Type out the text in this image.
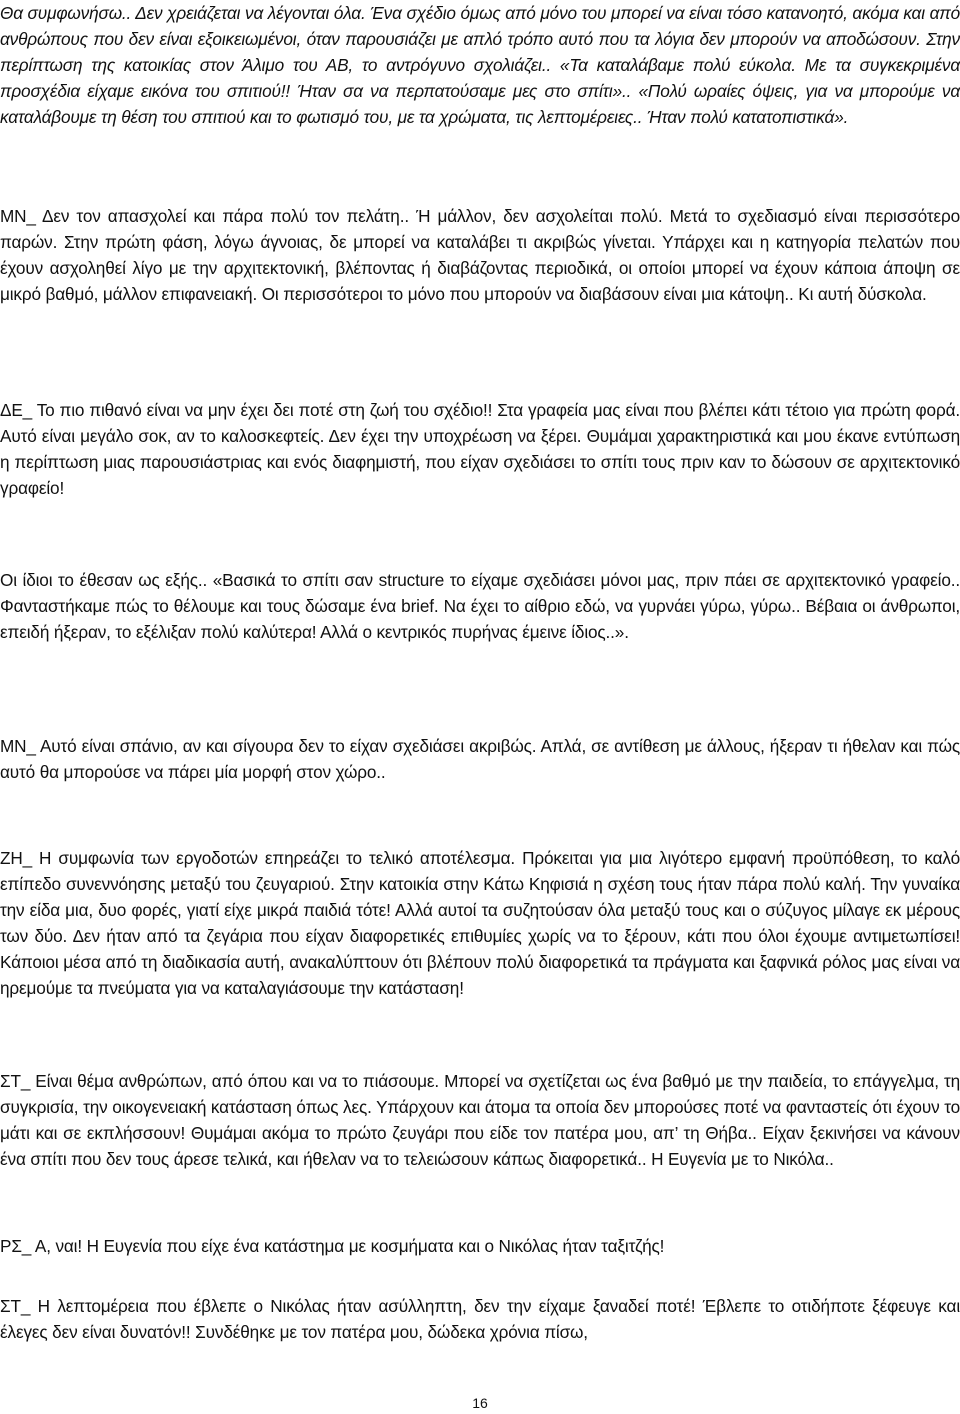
Θα συμφωνήσω.. Δεν χρειάζεται να λέγονται όλα. Ένα σχέδιο όμως από μόνο του μπορεί να είναι τόσο κατανοητό, ακόμα και από ανθρώπους που δεν είναι εξοικειωμένοι, όταν παρουσιάζει με απλό τρόπο αυτό που τα λόγια δεν μπορούν να αποδώσουν. Στην περίπτωση της κατοικίας στον Άλιμο του ΑΒ, το αντρόγυνο σχολιάζει.. «Τα καταλάβαμε πολύ εύκολα. Με τα συγκεκριμένα προσχέδια είχαμε εικόνα του σπιτιού!! Ήταν σα να περπατούσαμε μες στο σπίτι».. «Πολύ ωραίες όψεις, για να μπορούμε να καταλάβουμε τη θέση του σπιτιού και το φωτισμό του, με τα χρώματα, τις λεπτομέρειες.. Ήταν πολύ κατατοπιστικά».

ΜΝ_ Δεν τον απασχολεί και πάρα πολύ τον πελάτη.. Ή μάλλον, δεν ασχολείται πολύ. Μετά το σχεδιασμό είναι περισσότερο παρών. Στην πρώτη φάση, λόγω άγνοιας, δε μπορεί να καταλάβει τι ακριβώς γίνεται. Υπάρχει και η κατηγορία πελατών που έχουν ασχοληθεί λίγο με την αρχιτεκτονική, βλέποντας ή διαβάζοντας περιοδικά, οι οποίοι μπορεί να έχουν κάποια άποψη σε μικρό βαθμό, μάλλον επιφανειακή. Οι περισσότεροι το μόνο που μπορούν να διαβάσουν είναι μια κάτοψη.. Κι αυτή δύσκολα.

ΔΕ_ Το πιο πιθανό είναι να μην έχει δει ποτέ στη ζωή του σχέδιο!! Στα γραφεία μας είναι που βλέπει κάτι τέτοιο για πρώτη φορά. Αυτό είναι μεγάλο σοκ, αν το καλοσκεφτείς. Δεν έχει την υποχρέωση να ξέρει. Θυμάμαι χαρακτηριστικά και μου έκανε εντύπωση η περίπτωση μιας παρουσιάστριας και ενός διαφημιστή, που είχαν σχεδιάσει το σπίτι τους πριν καν το δώσουν σε αρχιτεκτονικό γραφείο!

Οι ίδιοι το έθεσαν ως εξής.. «Βασικά το σπίτι σαν structure το είχαμε σχεδιάσει μόνοι μας, πριν πάει σε αρχιτεκτονικό γραφείο.. Φανταστήκαμε πώς το θέλουμε και τους δώσαμε ένα brief. Να έχει το αίθριο εδώ, να γυρνάει γύρω, γύρω.. Βέβαια οι άνθρωποι, επειδή ήξεραν, το εξέλιξαν πολύ καλύτερα! Αλλά ο κεντρικός πυρήνας έμεινε ίδιος..».

ΜΝ_ Αυτό είναι σπάνιο, αν και σίγουρα δεν το είχαν σχεδιάσει ακριβώς. Απλά, σε αντίθεση με άλλους, ήξεραν τι ήθελαν και πώς αυτό θα μπορούσε να πάρει μία μορφή στον χώρο..

ΖΗ_ Η συμφωνία των εργοδοτών επηρεάζει το τελικό αποτέλεσμα. Πρόκειται για μια λιγότερο εμφανή προϋπόθεση, το καλό επίπεδο συνεννόησης μεταξύ του ζευγαριού. Στην κατοικία στην Κάτω Κηφισιά η σχέση τους ήταν πάρα πολύ καλή. Την γυναίκα την είδα μια, δυο φορές, γιατί είχε μικρά παιδιά τότε! Αλλά αυτοί τα συζητούσαν όλα μεταξύ τους και ο σύζυγος μίλαγε εκ μέρους των δύο. Δεν ήταν από τα ζεγάρια που είχαν διαφορετικές επιθυμίες χωρίς να το ξέρουν, κάτι που όλοι έχουμε αντιμετωπίσει! Κάποιοι μέσα από τη διαδικασία αυτή, ανακαλύπτουν ότι βλέπουν πολύ διαφορετικά τα πράγματα και ξαφνικά ρόλος μας είναι να ηρεμούμε τα πνεύματα για να καταλαγιάσουμε την κατάσταση!

ΣΤ_ Είναι θέμα ανθρώπων, από όπου και να το πιάσουμε. Μπορεί να σχετίζεται ως ένα βαθμό με την παιδεία, το επάγγελμα, τη συγκρισία, την οικογενειακή κατάσταση όπως λες. Υπάρχουν και άτομα τα οποία δεν μπορούσες ποτέ να φανταστείς ότι έχουν το μάτι και σε εκπλήσσουν! Θυμάμαι ακόμα το πρώτο ζευγάρι που είδε τον πατέρα μου, απ’ τη Θήβα.. Είχαν ξεκινήσει να κάνουν ένα σπίτι που δεν τους άρεσε τελικά, και ήθελαν να το τελειώσουν κάπως διαφορετικά.. Η Ευγενία με το Νικόλα..

ΡΣ_ Α, ναι! Η Ευγενία που είχε ένα κατάστημα με κοσμήματα και ο Νικόλας ήταν ταξιτζής!

ΣΤ_ Η λεπτομέρεια που έβλεπε ο Νικόλας ήταν ασύλληπτη, δεν την είχαμε ξαναδεί ποτέ! Έβλεπε το οτιδήποτε ξέφευγε και έλεγες δεν είναι δυνατόν!! Συνδέθηκε με τον πατέρα μου, δώδεκα χρόνια πίσω,

16
